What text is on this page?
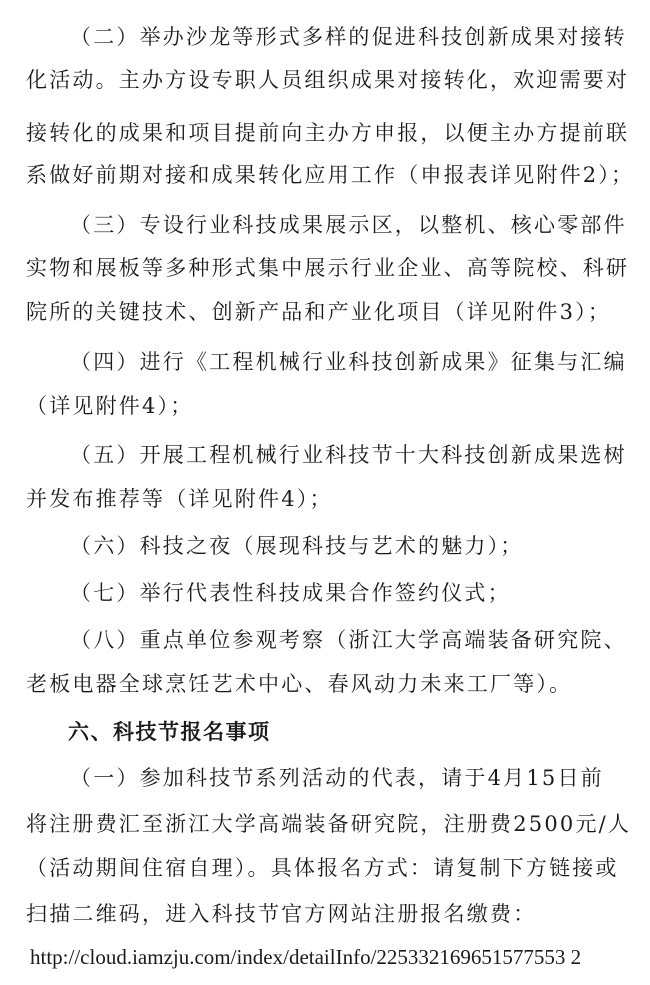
（二）举办沙龙等形式多样的促进科技创新成果对接转
化活动。主办方设专职人员组织成果对接转化，欢迎需要对
接转化的成果和项目提前向主办方申报，以便主办方提前联
系做好前期对接和成果转化应用工作（申报表详见附件2）；
（三）专设行业科技成果展示区，以整机、核心零部件
实物和展板等多种形式集中展示行业企业、高等院校、科研
院所的关键技术、创新产品和产业化项目（详见附件3）；
（四）进行《工程机械行业科技创新成果》征集与汇编
（详见附件4）；
（五）开展工程机械行业科技节十大科技创新成果选树
并发布推荐等（详见附件4）；
（六）科技之夜（展现科技与艺术的魅力）；
（七）举行代表性科技成果合作签约仪式；
（八）重点单位参观考察（浙江大学高端装备研究院、
老板电器全球烹饪艺术中心、春风动力未来工厂等）。
六、科技节报名事项
（一）参加科技节系列活动的代表，请于4月15日前
将注册费汇至浙江大学高端装备研究院，注册费2500元/人
（活动期间住宿自理）。具体报名方式：请复制下方链接或
扫描二维码，进入科技节官方网站注册报名缴费：
http://cloud.iamzju.com/index/detailInfo/225332169651577553 2
